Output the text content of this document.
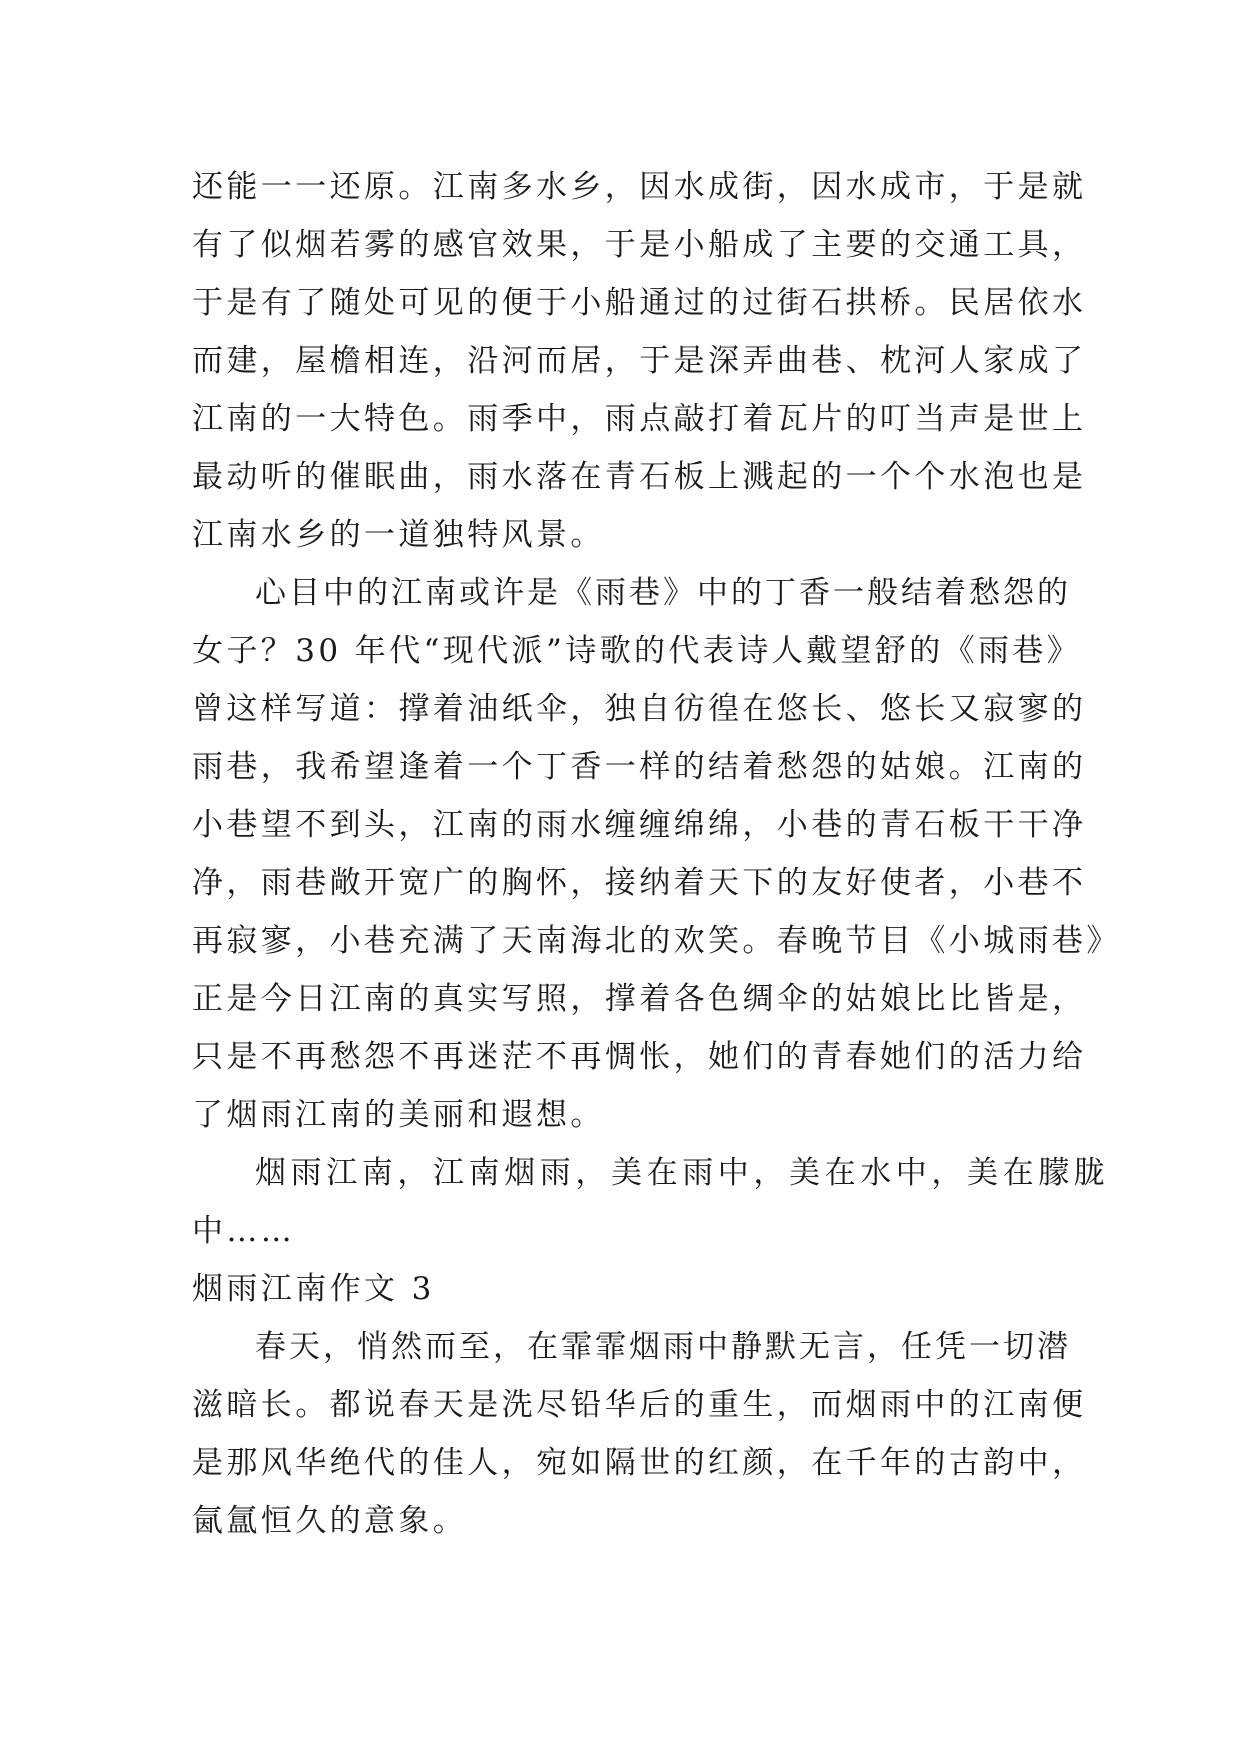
还能一一还原。江南多水乡，因水成街，因水成市，于是就
有了似烟若雾的感官效果，于是小船成了主要的交通工具，
于是有了随处可见的便于小船通过的过街石拱桥。民居依水
而建，屋檐相连，沿河而居，于是深弄曲巷、枕河人家成了
江南的一大特色。雨季中，雨点敲打着瓦片的叮当声是世上
最动听的催眠曲，雨水落在青石板上溅起的一个个水泡也是
江南水乡的一道独特风景。
心目中的江南或许是《雨巷》中的丁香一般结着愁怨的
女子？30 年代“现代派”诗歌的代表诗人戴望舒的《雨巷》
曾这样写道：撑着油纸伞，独自彷徨在悠长、悠长又寂寥的
雨巷，我希望逢着一个丁香一样的结着愁怨的姑娘。江南的
小巷望不到头，江南的雨水缠缠绵绵，小巷的青石板干干净
净，雨巷敞开宽广的胸怀，接纳着天下的友好使者，小巷不
再寂寥，小巷充满了天南海北的欢笑。春晚节目《小城雨巷》
正是今日江南的真实写照，撑着各色绸伞的姑娘比比皆是，
只是不再愁怨不再迷茫不再惆怅，她们的青春她们的活力给
了烟雨江南的美丽和遐想。
烟雨江南，江南烟雨，美在雨中，美在水中，美在朦胧
中……
烟雨江南作文 3
春天，悄然而至，在霏霏烟雨中静默无言，任凭一切潜
滋暗长。都说春天是洗尽铅华后的重生，而烟雨中的江南便
是那风华绝代的佳人，宛如隔世的红颜，在千年的古韵中，
氤氲恒久的意象。
